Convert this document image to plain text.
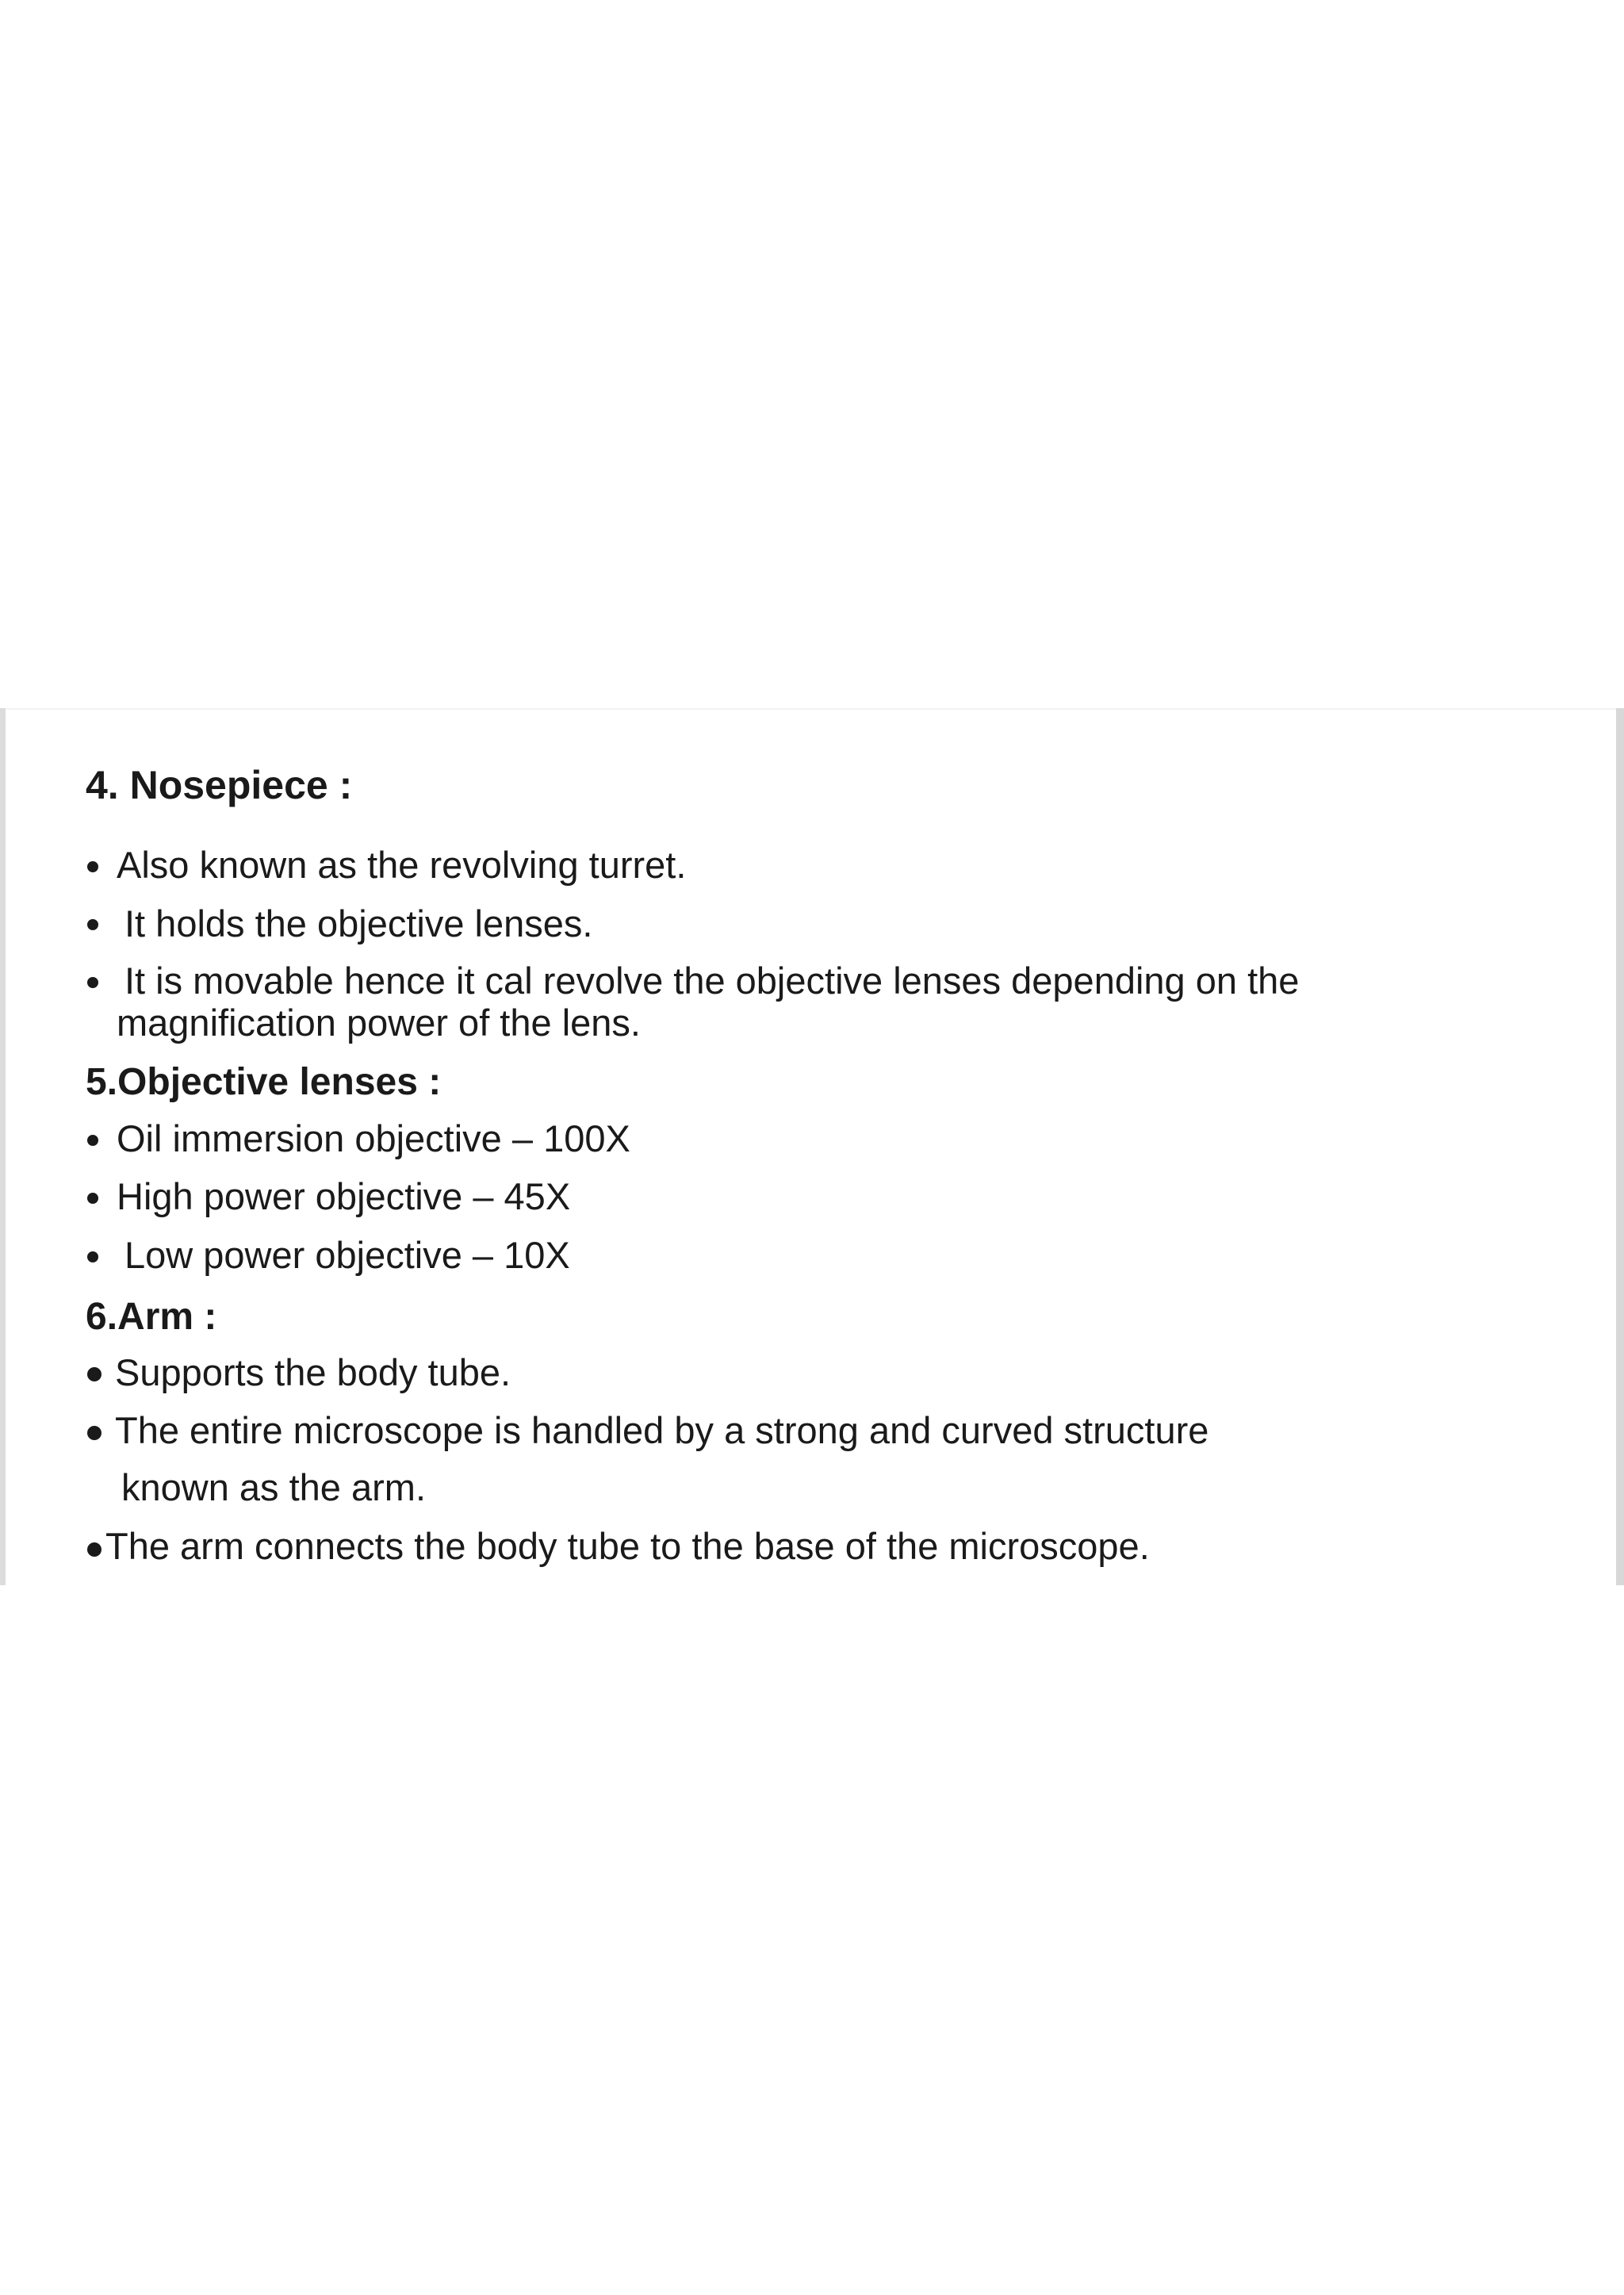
4. Nosepiece :
Also known as the revolving turret.
It holds the objective lenses.
It is movable hence it cal revolve the objective lenses depending on the
magnification power of the lens.
5.Objective lenses :
Oil immersion objective – 100X
High power objective – 45X
Low power objective – 10X
6.Arm :
Supports the body tube.
The entire microscope is handled by a strong and curved structure
known as the arm.
The arm connects the body tube to the base of the microscope.
